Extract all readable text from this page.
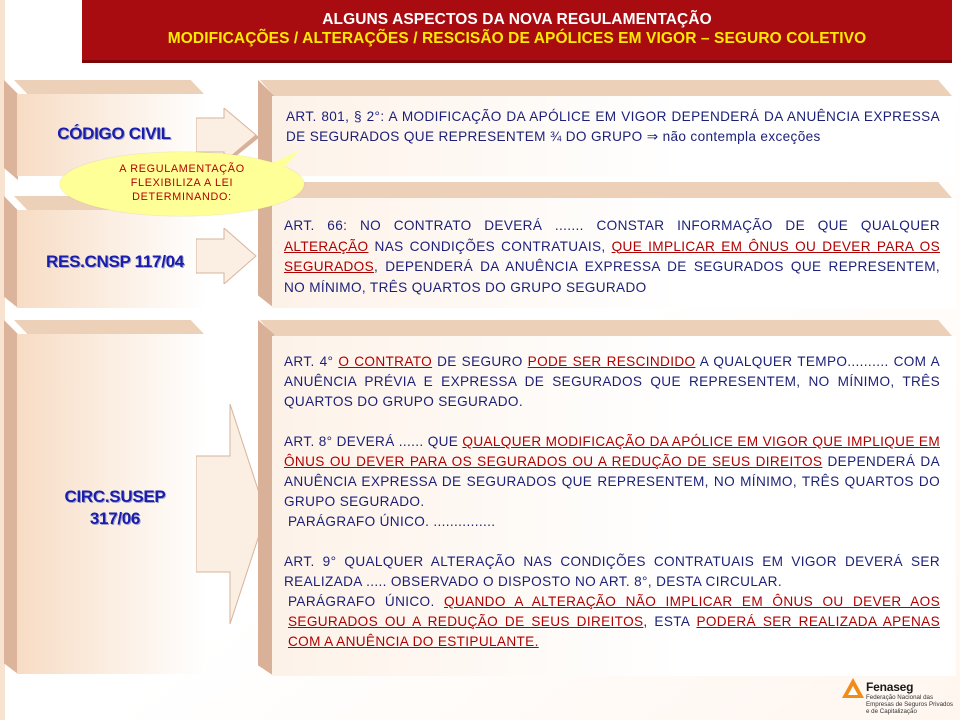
ALGUNS ASPECTOS DA NOVA REGULAMENTAÇÃO
MODIFICAÇÕES / ALTERAÇÕES / RESCISÃO DE APÓLICES EM VIGOR – SEGURO COLETIVO
CÓDIGO CIVIL
ART. 801, § 2°: A MODIFICAÇÃO DA APÓLICE EM VIGOR DEPENDERÁ DA ANUÊNCIA EXPRESSA DE SEGURADOS QUE REPRESENTEM ¾ DO GRUPO ⇒ não contempla exceções
RES.CNSP 117/04
ART. 66: NO CONTRATO DEVERÁ ....... CONSTAR INFORMAÇÃO DE QUE QUALQUER ALTERAÇÃO NAS CONDIÇÕES CONTRATUAIS, QUE IMPLICAR EM ÔNUS OU DEVER PARA OS SEGURADOS, DEPENDERÁ DA ANUÊNCIA EXPRESSA DE SEGURADOS QUE REPRESENTEM, NO MÍNIMO, TRÊS QUARTOS DO GRUPO SEGURADO
A REGULAMENTAÇÃO
FLEXIBILIZA A LEI
DETERMINANDO:
CIRC.SUSEP
317/06

ART. 4° O CONTRATO DE SEGURO PODE SER RESCINDIDO A QUALQUER TEMPO.......... COM A ANUÊNCIA PRÉVIA E EXPRESSA DE SEGURADOS QUE REPRESENTEM, NO MÍNIMO, TRÊS QUARTOS DO GRUPO SEGURADO.

ART. 8° DEVERÁ ...... QUE QUALQUER MODIFICAÇÃO DA APÓLICE EM VIGOR QUE IMPLIQUE EM ÔNUS OU DEVER PARA OS SEGURADOS OU A REDUÇÃO DE SEUS DIREITOS DEPENDERÁ DA ANUÊNCIA EXPRESSA DE SEGURADOS QUE REPRESENTEM, NO MÍNIMO, TRÊS QUARTOS DO GRUPO SEGURADO.

PARÁGRAFO ÚNICO. ...............

ART. 9° QUALQUER ALTERAÇÃO NAS CONDIÇÕES CONTRATUAIS EM VIGOR DEVERÁ SER REALIZADA ..... OBSERVADO O DISPOSTO NO ART. 8°, DESTA CIRCULAR.

PARÁGRAFO ÚNICO. QUANDO A ALTERAÇÃO NÃO IMPLICAR EM ÔNUS OU DEVER AOS SEGURADOS OU A REDUÇÃO DE SEUS DIREITOS, ESTA PODERÁ SER REALIZADA APENAS COM A ANUÊNCIA DO ESTIPULANTE.

Fenaseg
Federação Nacional das Empresas de Seguros Privados e de Capitalização
